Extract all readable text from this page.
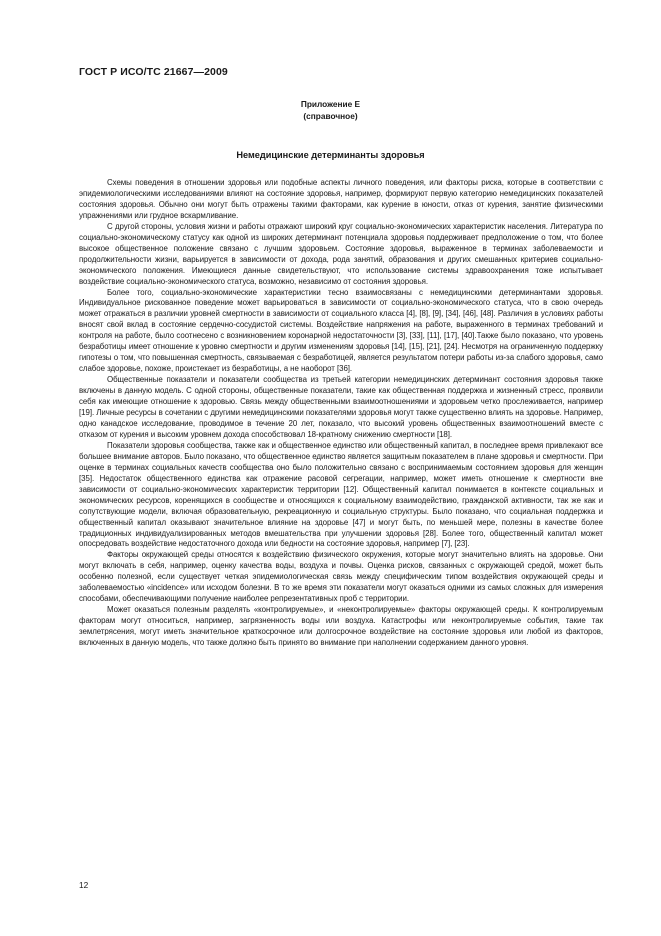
ГОСТ Р ИСО/ТС 21667—2009
Приложение Е
(справочное)
Немедицинские детерминанты здоровья

Схемы поведения в отношении здоровья или подобные аспекты личного поведения, или факторы риска, которые в соответствии с эпидемиологическими исследованиями влияют на состояние здоровья, например, формируют первую категорию немедицинских показателей состояния здоровья. Обычно они могут быть отражены такими факторами, как курение в юности, отказ от курения, занятие физическими упражнениями или грудное вскармливание.

С другой стороны, условия жизни и работы отражают широкий круг социально-экономических характеристик населения. Литература по социально-экономическому статусу как одной из широких детерминант потенциала здоровья поддерживает предположение о том, что более высокое общественное положение связано с лучшим здоровьем. Состояние здоровья, выраженное в терминах заболеваемости и продолжительности жизни, варьируется в зависимости от дохода, рода занятий, образования и других смешанных критериев социально-экономического положения. Имеющиеся данные свидетельствуют, что использование системы здравоохранения тоже испытывает воздействие социально-экономического статуса, возможно, независимо от состояния здоровья.

Более того, социально-экономические характеристики тесно взаимосвязаны с немедицинскими детерминантами здоровья. Индивидуальное рискованное поведение может варьироваться в зависимости от социально-экономического статуса, что в свою очередь может отражаться в различии уровней смертности в зависимости от социального класса [4], [8], [9], [34], [46], [48]. Различия в условиях работы вносят свой вклад в состояние сердечно-сосудистой системы. Воздействие напряжения на работе, выраженного в терминах требований и контроля на работе, было соотнесено с возникновением коронарной недостаточности [3], [33], [11], [17], [40].Также было показано, что уровень безработицы имеет отношение к уровню смертности и другим изменениям здоровья [14], [15], [21], [24]. Несмотря на ограниченную поддержку гипотезы о том, что повышенная смертность, связываемая с безработицей, является результатом потери работы из-за слабого здоровья, само слабое здоровье, похоже, проистекает из безработицы, а не наоборот [36].

Общественные показатели и показатели сообщества из третьей категории немедицинских детерминант состояния здоровья также включены в данную модель. С одной стороны, общественные показатели, такие как общественная поддержка и жизненный стресс, проявили себя как имеющие отношение к здоровью. Связь между общественными взаимоотношениями и здоровьем четко прослеживается, например [19]. Личные ресурсы в сочетании с другими немедицинскими показателями здоровья могут также существенно влиять на здоровье. Например, одно канадское исследование, проводимое в течение 20 лет, показало, что высокий уровень общественных взаимоотношений вместе с отказом от курения и высоким уровнем дохода способствовал 18-кратному снижению смертности [18].

Показатели здоровья сообщества, также как и общественное единство или общественный капитал, в последнее время привлекают все большее внимание авторов. Было показано, что общественное единство является защитным показателем в плане здоровья и смертности. При оценке в терминах социальных качеств сообщества оно было положительно связано с воспринимаемым состоянием здоровья для женщин [35]. Недостаток общественного единства как отражение расовой сегрегации, например, может иметь отношение к смертности вне зависимости от социально-экономических характеристик территории [12]. Общественный капитал понимается в контексте социальных и экономических ресурсов, коренящихся в сообществе и относящихся к социальному взаимодействию, гражданской активности, так же как и сопутствующие модели, включая образовательную, рекреационную и социальную структуры. Было показано, что социальная поддержка и общественный капитал оказывают значительное влияние на здоровье [47] и могут быть, по меньшей мере, полезны в качестве более традиционных индивидуализированных методов вмешательства при улучшении здоровья [28]. Более того, общественный капитал может опосредовать воздействие недостаточного дохода или бедности на состояние здоровья, например [7], [23].

Факторы окружающей среды относятся к воздействию физического окружения, которые могут значительно влиять на здоровье. Они могут включать в себя, например, оценку качества воды, воздуха и почвы. Оценка рисков, связанных с окружающей средой, может быть особенно полезной, если существует четкая эпидемиологическая связь между специфическим типом воздействия окружающей среды и заболеваемостью «incidence» или исходом болезни. В то же время эти показатели могут оказаться одними из самых сложных для измерения способами, обеспечивающими получение наиболее репрезентативных проб с территории.

Может оказаться полезным разделять «контролируемые», и «неконтролируемые» факторы окружающей среды. К контролируемым факторам могут относиться, например, загрязненность воды или воздуха. Катастрофы или неконтролируемые события, такие так землетрясения, могут иметь значительное краткосрочное или долгосрочное воздействие на состояние здоровья или любой из факторов, включенных в данную модель, что также должно быть принято во внимание при наполнении содержанием данного уровня.

12
